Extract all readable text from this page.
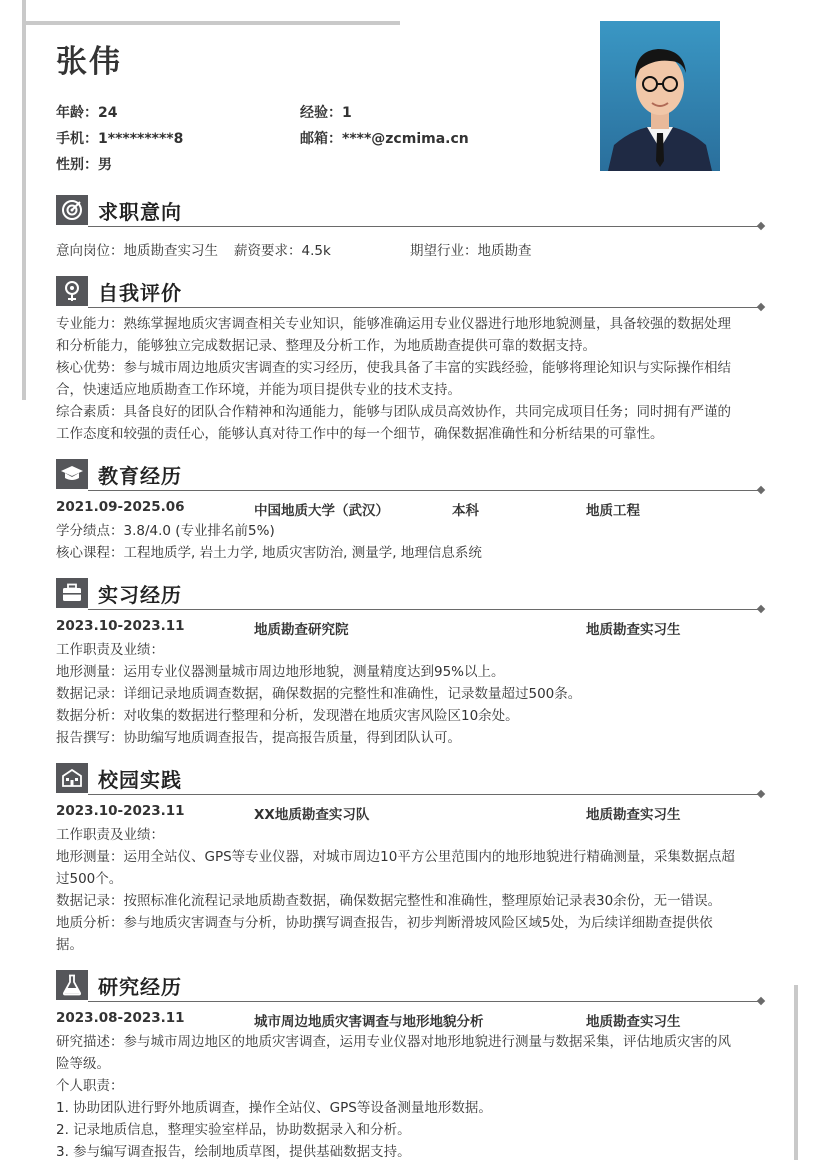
张伟
年龄：24	经验：1
手机：1*********8	邮箱：****@zcmima.cn
性别：男
求职意向
意向岗位：地质勘查实习生 薪资要求：4.5k	期望行业：地质勘查
自我评价

专业能力：熟练掌握地质灾害调查相关专业知识，能够准确运用专业仪器进行地形地貌测量，具备较强的数据处理

和分析能力，能够独立完成数据记录、整理及分析工作，为地质勘查提供可靠的数据支持。

核心优势：参与城市周边地质灾害调查的实习经历，使我具备了丰富的实践经验，能够将理论知识与实际操作相结

合，快速适应地质勘查工作环境，并能为项目提供专业的技术支持。

综合素质：具备良好的团队合作精神和沟通能力，能够与团队成员高效协作，共同完成项目任务；同时拥有严谨的

工作态度和较强的责任心，能够认真对待工作中的每一个细节，确保数据准确性和分析结果的可靠性。

教育经历
2021.09-2025.06	中国地质大学（武汉）	本科	地质工程

学分绩点：3.8/4.0 (专业排名前5%)

核心课程：工程地质学, 岩土力学, 地质灾害防治, 测量学, 地理信息系统

实习经历
2023.10-2023.11	地质勘查研究院	地质勘查实习生

工作职责及业绩：

地形测量：运用专业仪器测量城市周边地形地貌，测量精度达到95%以上。

数据记录：详细记录地质调查数据，确保数据的完整性和准确性，记录数量超过500条。

数据分析：对收集的数据进行整理和分析，发现潜在地质灾害风险区10余处。

报告撰写：协助编写地质调查报告，提高报告质量，得到团队认可。

校园实践
2023.10-2023.11	XX地质勘查实习队	地质勘查实习生

工作职责及业绩：

地形测量：运用全站仪、GPS等专业仪器，对城市周边10平方公里范围内的地形地貌进行精确测量，采集数据点超

过500个。

数据记录：按照标准化流程记录地质勘查数据，确保数据完整性和准确性，整理原始记录表30余份，无一错误。

地质分析：参与地质灾害调查与分析，协助撰写调查报告，初步判断滑坡风险区域5处，为后续详细勘查提供依

据。

研究经历
2023.08-2023.11	城市周边地质灾害调查与地形地貌分析	地质勘查实习生

研究描述：参与城市周边地区的地质灾害调查，运用专业仪器对地形地貌进行测量与数据采集，评估地质灾害的风

险等级。

个人职责：

1. 协助团队进行野外地质调查，操作全站仪、GPS等设备测量地形数据。

2. 记录地质信息，整理实验室样品，协助数据录入和分析。

3. 参与编写调查报告，绘制地质草图，提供基础数据支持。
